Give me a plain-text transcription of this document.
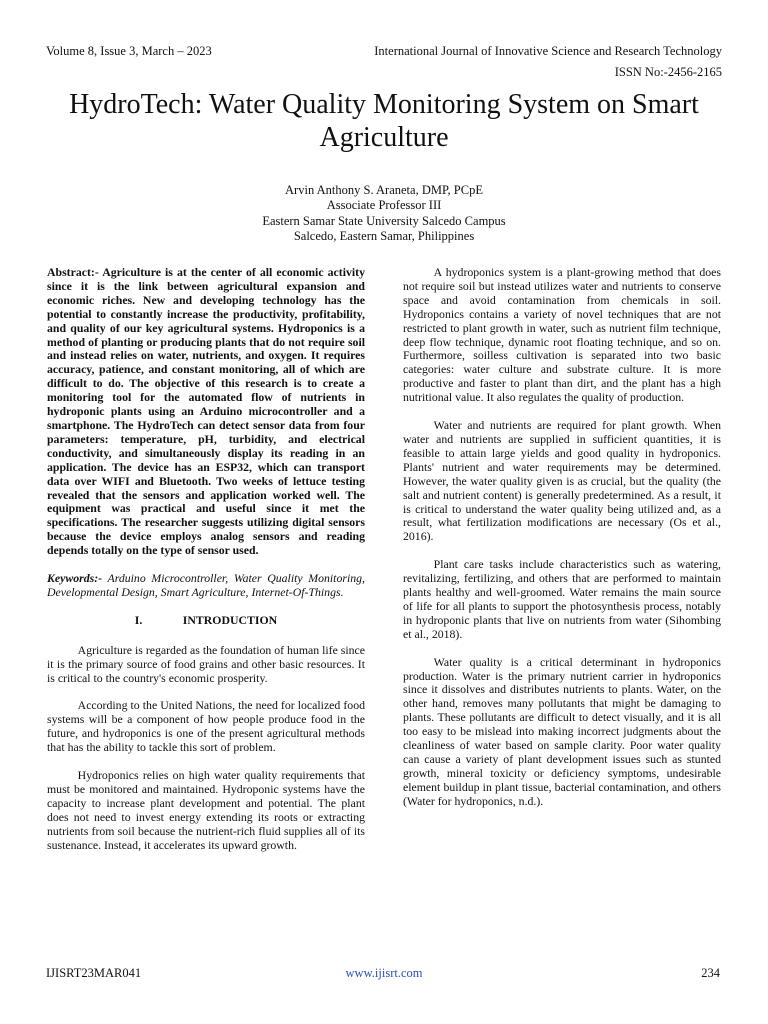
Volume 8, Issue 3, March ‒ 2023	International Journal of Innovative Science and Research Technology
ISSN No:-2456-2165
HydroTech: Water Quality Monitoring System on Smart Agriculture
Arvin Anthony S. Araneta, DMP, PCpE
Associate Professor III
Eastern Samar State University Salcedo Campus
Salcedo, Eastern Samar, Philippines

Abstract:- Agriculture is at the center of all economic activity since it is the link between agricultural expansion and economic riches. New and developing technology has the potential to constantly increase the productivity, profitability, and quality of our key agricultural systems. Hydroponics is a method of planting or producing plants that do not require soil and instead relies on water, nutrients, and oxygen. It requires accuracy, patience, and constant monitoring, all of which are difficult to do. The objective of this research is to create a monitoring tool for the automated flow of nutrients in hydroponic plants using an Arduino microcontroller and a smartphone. The HydroTech can detect sensor data from four parameters: temperature, pH, turbidity, and electrical conductivity, and simultaneously display its reading in an application. The device has an ESP32, which can transport data over WIFI and Bluetooth. Two weeks of lettuce testing revealed that the sensors and application worked well. The equipment was practical and useful since it met the specifications. The researcher suggests utilizing digital sensors because the device employs analog sensors and reading depends totally on the type of sensor used.

Keywords:- Arduino Microcontroller, Water Quality Monitoring, Developmental Design, Smart Agriculture, Internet-Of-Things.

I.	INTRODUCTION

Agriculture is regarded as the foundation of human life since it is the primary source of food grains and other basic resources. It is critical to the country's economic prosperity.

According to the United Nations, the need for localized food systems will be a component of how people produce food in the future, and hydroponics is one of the present agricultural methods that has the ability to tackle this sort of problem.

Hydroponics relies on high water quality requirements that must be monitored and maintained. Hydroponic systems have the capacity to increase plant development and potential. The plant does not need to invest energy extending its roots or extracting nutrients from soil because the nutrient-rich fluid supplies all of its sustenance. Instead, it accelerates its upward growth.

A hydroponics system is a plant-growing method that does not require soil but instead utilizes water and nutrients to conserve space and avoid contamination from chemicals in soil. Hydroponics contains a variety of novel techniques that are not restricted to plant growth in water, such as nutrient film technique, deep flow technique, dynamic root floating technique, and so on. Furthermore, soilless cultivation is separated into two basic categories: water culture and substrate culture. It is more productive and faster to plant than dirt, and the plant has a high nutritional value. It also regulates the quality of production.

Water and nutrients are required for plant growth. When water and nutrients are supplied in sufficient quantities, it is feasible to attain large yields and good quality in hydroponics. Plants' nutrient and water requirements may be determined. However, the water quality given is as crucial, but the quality (the salt and nutrient content) is generally predetermined. As a result, it is critical to understand the water quality being utilized and, as a result, what fertilization modifications are necessary (Os et al., 2016).

Plant care tasks include characteristics such as watering, revitalizing, fertilizing, and others that are performed to maintain plants healthy and well-groomed. Water remains the main source of life for all plants to support the photosynthesis process, notably in hydroponic plants that live on nutrients from water (Sihombing et al., 2018).

Water quality is a critical determinant in hydroponics production. Water is the primary nutrient carrier in hydroponics since it dissolves and distributes nutrients to plants. Water, on the other hand, removes many pollutants that might be damaging to plants. These pollutants are difficult to detect visually, and it is all too easy to be mislead into making incorrect judgments about the cleanliness of water based on sample clarity. Poor water quality can cause a variety of plant development issues such as stunted growth, mineral toxicity or deficiency symptoms, undesirable element buildup in plant tissue, bacterial contamination, and others (Water for hydroponics, n.d.).

IJISRT23MAR041	www.ijisrt.com	234
